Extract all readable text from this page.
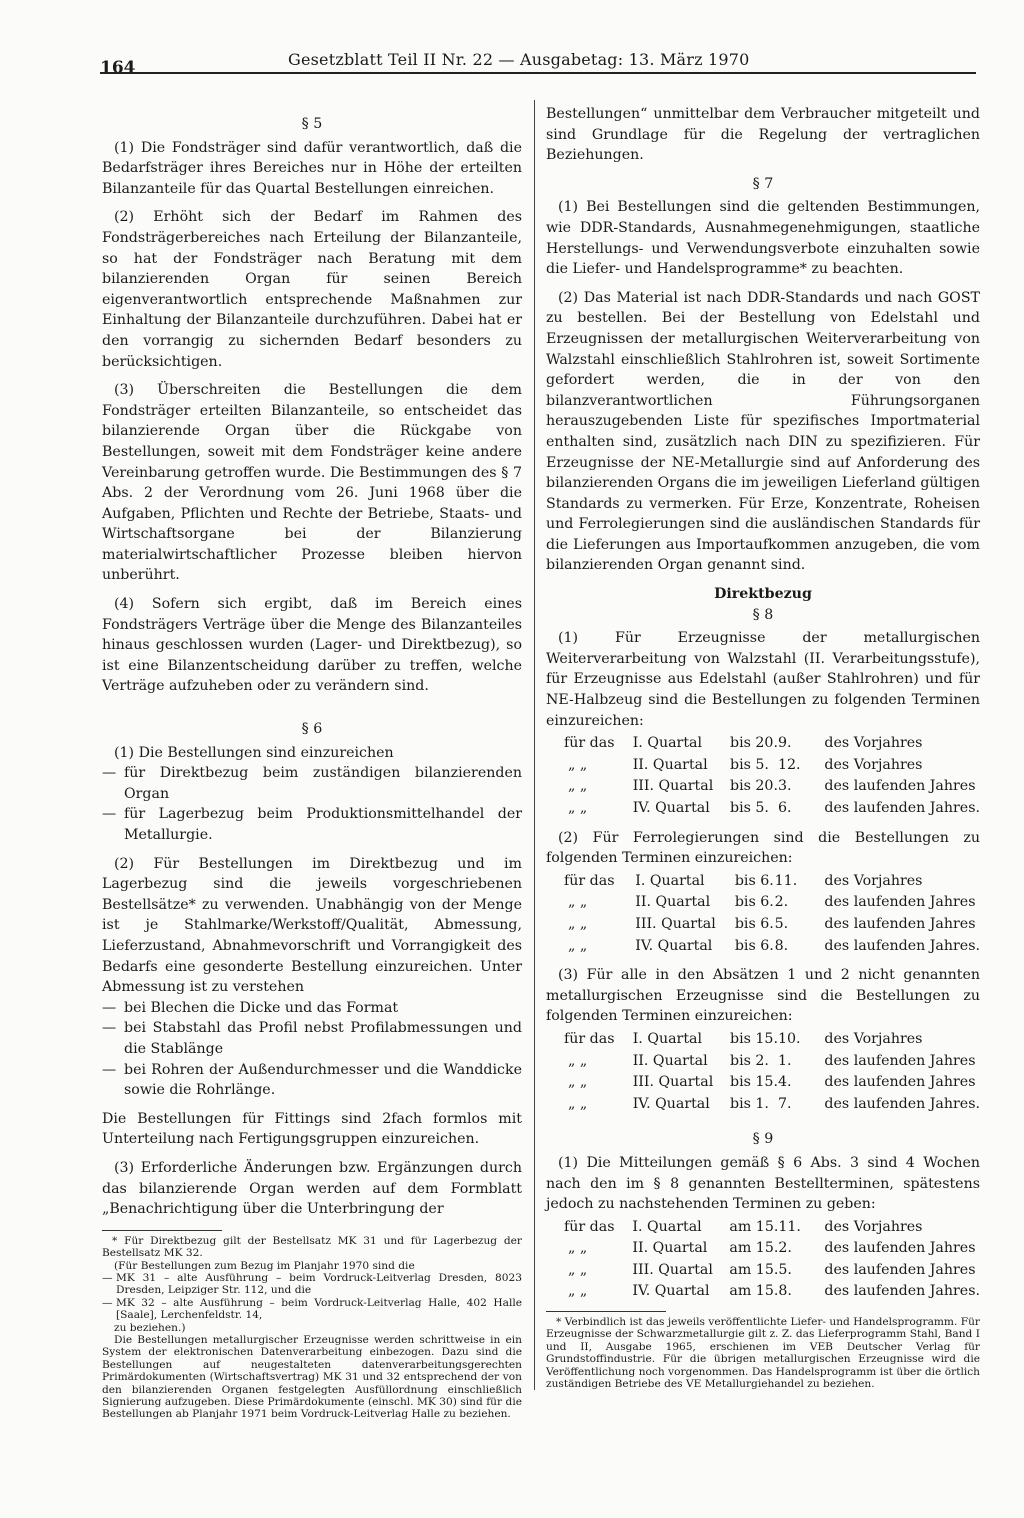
164	Gesetzblatt Teil II Nr. 22 — Ausgabetag: 13. März 1970
§ 5

(1) Die Fondsträger sind dafür verantwortlich, daß die Bedarfsträger ihres Bereiches nur in Höhe der erteilten Bilanzanteile für das Quartal Bestellungen einreichen.

(2) Erhöht sich der Bedarf im Rahmen des Fondsträgerbereiches nach Erteilung der Bilanzanteile, so hat der Fondsträger nach Beratung mit dem bilanzierenden Organ für seinen Bereich eigenverantwortlich entsprechende Maßnahmen zur Einhaltung der Bilanzanteile durchzuführen. Dabei hat er den vorrangig zu sichernden Bedarf besonders zu berücksichtigen.

(3) Überschreiten die Bestellungen die dem Fondsträger erteilten Bilanzanteile, so entscheidet das bilanzierende Organ über die Rückgabe von Bestellungen, soweit mit dem Fondsträger keine andere Vereinbarung getroffen wurde. Die Bestimmungen des § 7 Abs. 2 der Verordnung vom 26. Juni 1968 über die Aufgaben, Pflichten und Rechte der Betriebe, Staats- und Wirtschaftsorgane bei der Bilanzierung materialwirtschaftlicher Prozesse bleiben hiervon unberührt.

(4) Sofern sich ergibt, daß im Bereich eines Fondsträgers Verträge über die Menge des Bilanzanteiles hinaus geschlossen wurden (Lager- und Direktbezug), so ist eine Bilanzentscheidung darüber zu treffen, welche Verträge aufzuheben oder zu verändern sind.

§ 6

(1) Die Bestellungen sind einzureichen

— für Direktbezug beim zuständigen bilanzierenden Organ
— für Lagerbezug beim Produktionsmittelhandel der Metallurgie.

(2) Für Bestellungen im Direktbezug und im Lagerbezug sind die jeweils vorgeschriebenen Bestellsätze* zu verwenden. Unabhängig von der Menge ist je Stahlmarke/Werkstoff/Qualität, Abmessung, Lieferzustand, Abnahmevorschrift und Vorrangigkeit des Bedarfs eine gesonderte Bestellung einzureichen. Unter Abmessung ist zu verstehen

— bei Blechen die Dicke und das Format
— bei Stabstahl das Profil nebst Profilabmessungen und die Stablänge
— bei Rohren der Außendurchmesser und die Wanddicke sowie die Rohrlänge.

Die Bestellungen für Fittings sind 2fach formlos mit Unterteilung nach Fertigungsgruppen einzureichen.

(3) Erforderliche Änderungen bzw. Ergänzungen durch das bilanzierende Organ werden auf dem Formblatt „Benachrichtigung über die Unterbringung der

* Für Direktbezug gilt der Bestellsatz MK 31 und für Lagerbezug der Bestellsatz MK 32.

(Für Bestellungen zum Bezug im Planjahr 1970 sind die

— MK 31 – alte Ausführung – beim Vordruck-Leitverlag Dresden, 8023 Dresden, Leipziger Str. 112, und die
— MK 32 – alte Ausführung – beim Vordruck-Leitverlag Halle, 402 Halle [Saale], Lerchenfeldstr. 14,

zu beziehen.)

Die Bestellungen metallurgischer Erzeugnisse werden schrittweise in ein System der elektronischen Datenverarbeitung einbezogen. Dazu sind die Bestellungen auf neugestalteten datenverarbeitungsgerechten Primärdokumenten (Wirtschaftsvertrag) MK 31 und 32 entsprechend der von den bilanzierenden Organen festgelegten Ausfüllordnung einschließlich Signierung aufzugeben. Diese Primärdokumente (einschl. MK 30) sind für die Bestellungen ab Planjahr 1971 beim Vordruck-Leitverlag Halle zu beziehen.

Bestellungen“ unmittelbar dem Verbraucher mitgeteilt und sind Grundlage für die Regelung der vertraglichen Beziehungen.

§ 7

(1) Bei Bestellungen sind die geltenden Bestimmungen, wie DDR-Standards, Ausnahmegenehmigungen, staatliche Herstellungs- und Verwendungsverbote einzuhalten sowie die Liefer- und Handelsprogramme* zu beachten.

(2) Das Material ist nach DDR-Standards und nach GOST zu bestellen. Bei der Bestellung von Edelstahl und Erzeugnissen der metallurgischen Weiterverarbeitung von Walzstahl einschließlich Stahlrohren ist, soweit Sortimente gefordert werden, die in der von den bilanzverantwortlichen Führungsorganen herauszugebenden Liste für spezifisches Importmaterial enthalten sind, zusätzlich nach DIN zu spezifizieren. Für Erzeugnisse der NE-Metallurgie sind auf Anforderung des bilanzierenden Organs die im jeweiligen Lieferland gültigen Standards zu vermerken. Für Erze, Konzentrate, Roheisen und Ferrolegierungen sind die ausländischen Standards für die Lieferungen aus Importaufkommen anzugeben, die vom bilanzierenden Organ genannt sind.

Direktbezug
§ 8

(1) Für Erzeugnisse der metallurgischen Weiterverarbeitung von Walzstahl (II. Verarbeitungsstufe), für Erzeugnisse aus Edelstahl (außer Stahlrohren) und für NE-Halbzeug sind die Bestellungen zu folgenden Terminen einzureichen:

für das	I. Quartal	bis 20.	9.	des Vorjahres
„ „	II. Quartal	bis 5.	12.	des Vorjahres
„ „	III. Quartal	bis 20.	3.	des laufenden Jahres
„ „	IV. Quartal	bis 5.	6.	des laufenden Jahres.

(2) Für Ferrolegierungen sind die Bestellungen zu folgenden Terminen einzureichen:

für das	I. Quartal	bis 6.	11.	des Vorjahres
„ „	II. Quartal	bis 6.	2.	des laufenden Jahres
„ „	III. Quartal	bis 6.	5.	des laufenden Jahres
„ „	IV. Quartal	bis 6.	8.	des laufenden Jahres.

(3) Für alle in den Absätzen 1 und 2 nicht genannten metallurgischen Erzeugnisse sind die Bestellungen zu folgenden Terminen einzureichen:

für das	I. Quartal	bis 15.	10.	des Vorjahres
„ „	II. Quartal	bis 2.	1.	des laufenden Jahres
„ „	III. Quartal	bis 15.	4.	des laufenden Jahres
„ „	IV. Quartal	bis 1.	7.	des laufenden Jahres.
§ 9

(1) Die Mitteilungen gemäß § 6 Abs. 3 sind 4 Wochen nach den im § 8 genannten Bestellterminen, spätestens jedoch zu nachstehenden Terminen zu geben:

für das	I. Quartal	am 15.	11.	des Vorjahres
„ „	II. Quartal	am 15.	2.	des laufenden Jahres
„ „	III. Quartal	am 15.	5.	des laufenden Jahres
„ „	IV. Quartal	am 15.	8.	des laufenden Jahres.

* Verbindlich ist das jeweils veröffentlichte Liefer- und Handelsprogramm. Für Erzeugnisse der Schwarzmetallurgie gilt z. Z. das Lieferprogramm Stahl, Band I und II, Ausgabe 1965, erschienen im VEB Deutscher Verlag für Grundstoffindustrie. Für die übrigen metallurgischen Erzeugnisse wird die Veröffentlichung noch vorgenommen. Das Handelsprogramm ist über die örtlich zuständigen Betriebe des VE Metallurgiehandel zu beziehen.
